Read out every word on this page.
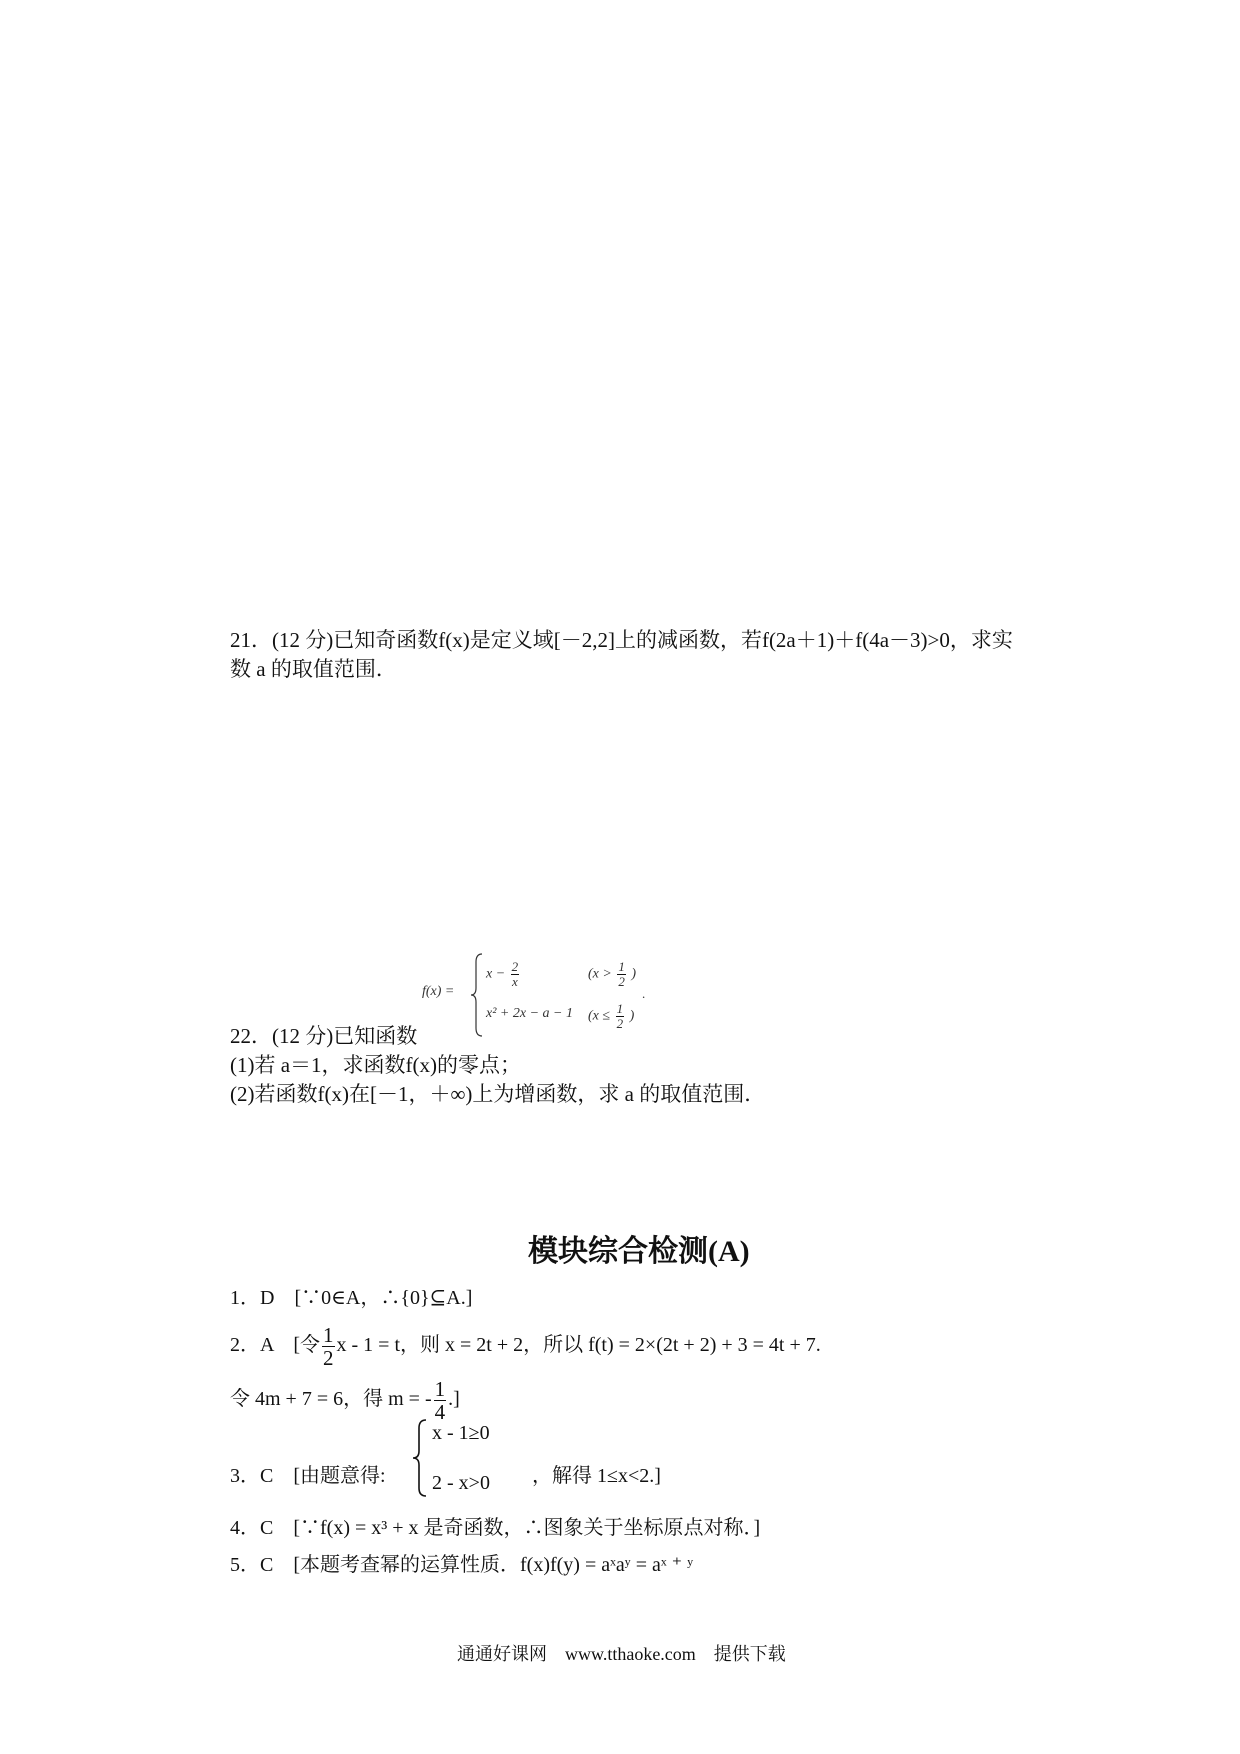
21．(12 分)已知奇函数f(x)是定义域[－2,2]上的减函数，若f(2a＋1)＋f(4a－3)>0，求实
数 a 的取值范围．
f(x) =
$x - \frac{2}{x}$	($x > \frac{1}{2}$ )
x² + 2x − a − 1 ($x \le \frac{1}{2}$ )
.
22．(12 分)已知函数
(1)若 a＝1，求函数f(x)的零点；
(2)若函数f(x)在[－1，＋∞)上为增函数，求 a 的取值范围．
模块综合检测(A)
1．D　[∵0∈A，∴{0}⊆A.]
2．A　[令 $\frac{1}{2}$ x - 1 = t，则 x = 2t + 2，所以 f(t) = 2×(2t + 2) + 3 = 4t + 7.
令 4m + 7 = 6，得 m = - $\frac{1}{4}$ .]
3．C　[由题意得:
x - 1≥0
2 - x>0 ，解得 1≤x<2.]
4．C　[∵f(x) = x³ + x 是奇函数，∴图象关于坐标原点对称．]
5．C　[本题考查幂的运算性质．f(x)f(y) = aˣaʸ = aˣ ⁺ ʸ
通通好课网　www.tthaoke.com　提供下载
